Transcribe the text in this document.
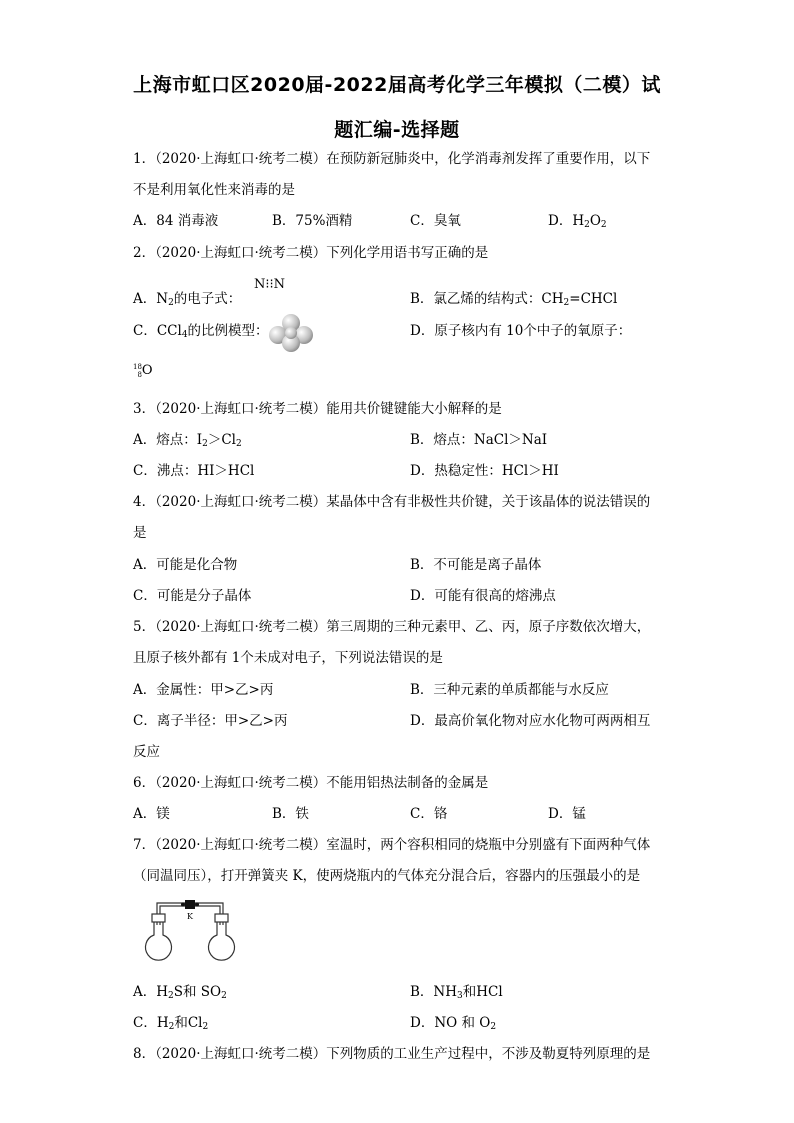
上海市虹口区2020届-2022届高考化学三年模拟（二模）试
题汇编-选择题
1．（2020·上海虹口·统考二模）在预防新冠肺炎中，化学消毒剂发挥了重要作用，以下
不是利用氧化性来消毒的是
A．84 消毒液	B．75%酒精	C．臭氧	D．$H_2O_2$
2．（2020·上海虹口·统考二模）下列化学用语书写正确的是
N⁝⁝N
A．$N_2$的电子式：	B．氯乙烯的结构式：$CH_2=CHCl$
C．CCl$_4$的比例模型：	D．原子核内有 10个中子的氧原子：
18
8O
3．（2020·上海虹口·统考二模）能用共价键键能大小解释的是
A．熔点：$I_2>Cl_2$	B．熔点：NaCl＞NaI
C．沸点：HI＞HCl	D．热稳定性：HCl＞HI
4．（2020·上海虹口·统考二模）某晶体中含有非极性共价键，关于该晶体的说法错误的
是
A．可能是化合物	B．不可能是离子晶体
C．可能是分子晶体	D．可能有很高的熔沸点
5．（2020·上海虹口·统考二模）第三周期的三种元素甲、乙、丙，原子序数依次增大，
且原子核外都有 1个未成对电子，下列说法错误的是
A．金属性：甲>乙>丙	B．三种元素的单质都能与水反应
C．离子半径：甲>乙>丙	D．最高价氧化物对应水化物可两两相互
反应
6．（2020·上海虹口·统考二模）不能用铝热法制备的金属是
A．镁	B．铁	C．铬	D．锰
7．（2020·上海虹口·统考二模）室温时，两个容积相同的烧瓶中分别盛有下面两种气体
（同温同压），打开弹簧夹 K，使两烧瓶内的气体充分混合后，容器内的压强最小的是
K
A．$H_2S$和 $SO_2$	B．$NH_3$和HCl
C．$H_2$和$Cl_2$	D．NO 和 $O_2$
8．（2020·上海虹口·统考二模）下列物质的工业生产过程中，不涉及勒夏特列原理的是
